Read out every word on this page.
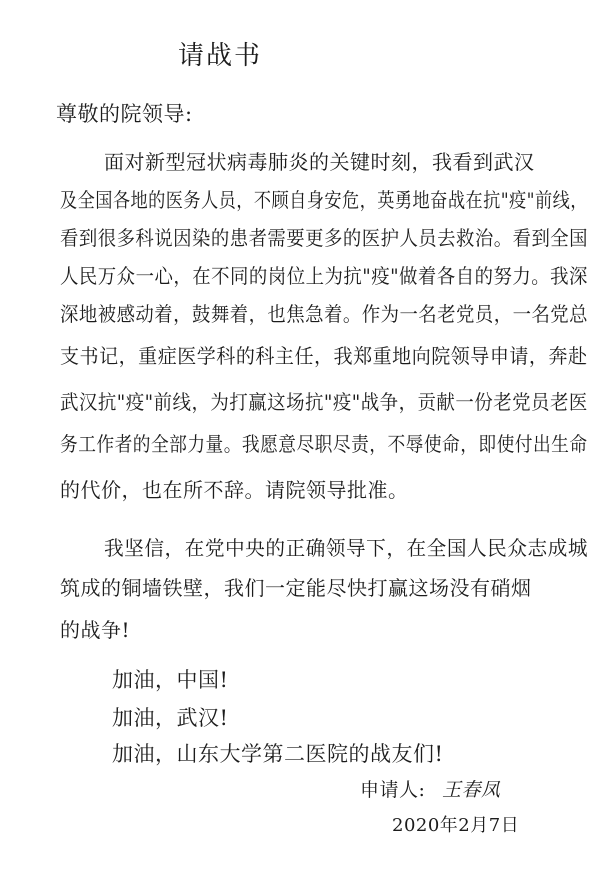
请战书
尊敬的院领导:
面对新型冠状病毒肺炎的关键时刻，我看到武汉
及全国各地的医务人员，不顾自身安危，英勇地奋战在抗"疫"前线，
看到很多科说因染的患者需要更多的医护人员去救治。看到全国
人民万众一心，在不同的岗位上为抗"疫"做着各自的努力。我深
深地被感动着，鼓舞着，也焦急着。作为一名老党员，一名党总
支书记，重症医学科的科主任，我郑重地向院领导申请，奔赴
武汉抗"疫"前线，为打赢这场抗"疫"战争，贡献一份老党员老医
务工作者的全部力量。我愿意尽职尽责，不辱使命，即使付出生命
的代价，也在所不辞。请院领导批准。
我坚信，在党中央的正确领导下，在全国人民众志成城
筑成的铜墙铁壁，我们一定能尽快打赢这场没有硝烟
的战争!
加油，中国!
加油，武汉!
加油，山东大学第二医院的战友们!
申请人: 王春凤
2020年2月7日
